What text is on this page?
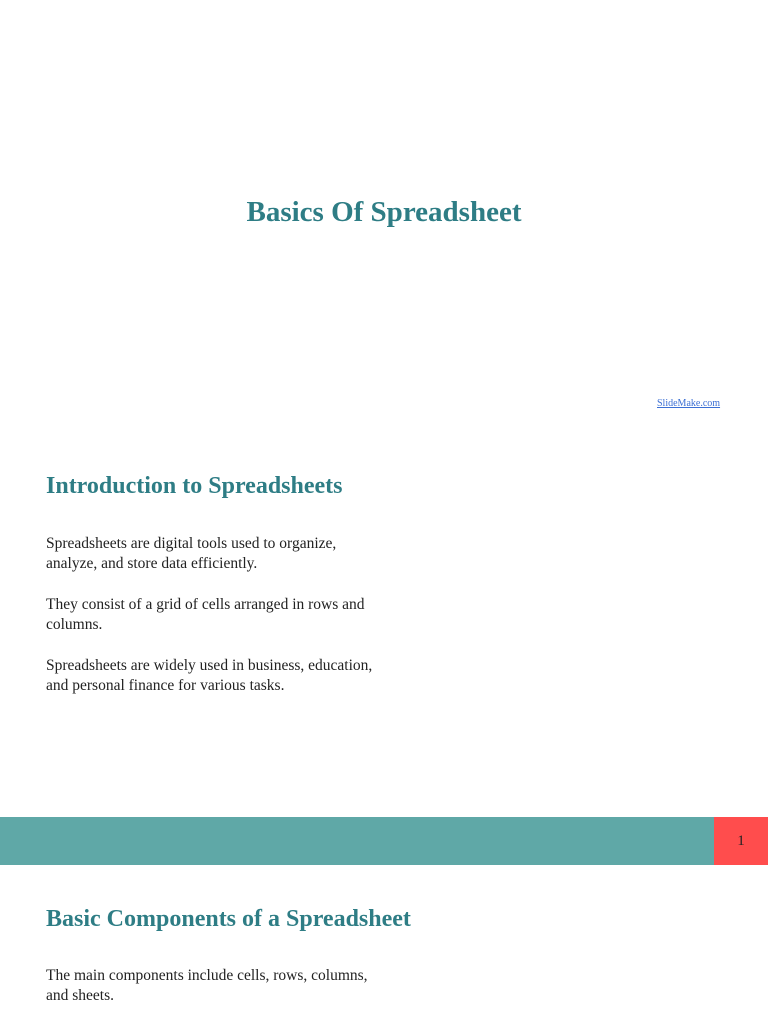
Basics Of Spreadsheet
SlideMake.com
Introduction to Spreadsheets

Spreadsheets are digital tools used to organize, analyze, and store data efficiently.

They consist of a grid of cells arranged in rows and columns.

Spreadsheets are widely used in business, education, and personal finance for various tasks.

1
Basic Components of a Spreadsheet

The main components include cells, rows, columns, and sheets.
